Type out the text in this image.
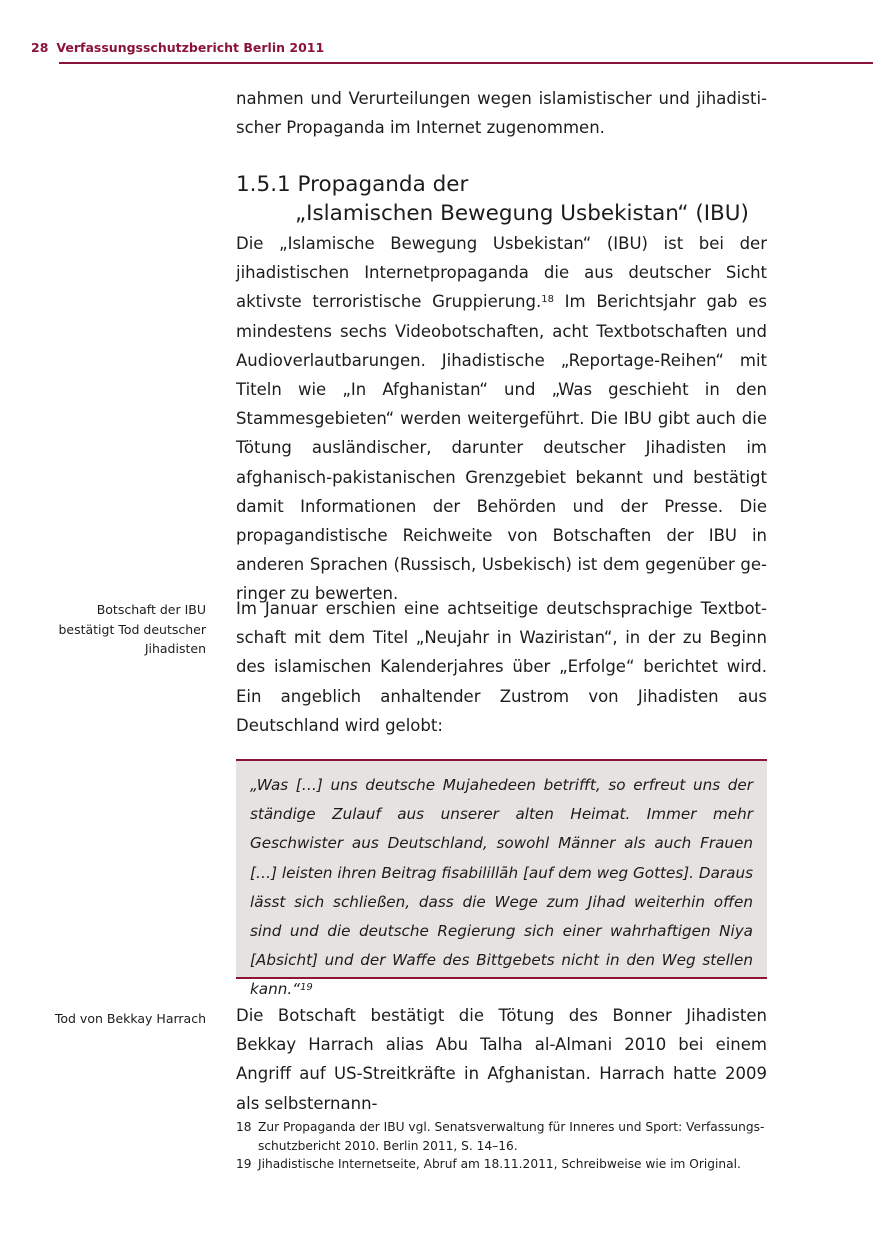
28 Verfassungsschutzbericht Berlin 2011

nahmen und Verurteilungen wegen islamistischer und jihadistischer Propaganda im Internet zugenommen.

1.5.1 Propaganda der
„Islamischen Bewegung Usbekistan“ (IBU)

Die „Islamische Bewegung Usbekistan“ (IBU) ist bei der jihadistischen Internetpropaganda die aus deutscher Sicht aktivste terroristische Gruppierung.$^{18}$ Im Berichtsjahr gab es mindestens sechs Videobotschaften, acht Textbotschaften und Audioverlautbarungen. Jihadistische „Reportage-Reihen“ mit Titeln wie „In Afghanistan“ und „Was geschieht in den Stammesgebieten“ werden weitergeführt. Die IBU gibt auch die Tötung ausländischer, darunter deutscher Jihadisten im afghanisch-pakistanischen Grenzgebiet bekannt und bestätigt damit Informationen der Behörden und der Presse. Die propagandistische Reichweite von Botschaften der IBU in anderen Sprachen (Russisch, Usbekisch) ist dem gegenüber geringer zu bewerten.

Botschaft der IBU
bestätigt Tod deutscher
Jihadisten

Im Januar erschien eine achtseitige deutschsprachige Textbotschaft mit dem Titel „Neujahr in Waziristan“, in der zu Beginn des islamischen Kalenderjahres über „Erfolge“ berichtet wird. Ein angeblich anhaltender Zustrom von Jihadisten aus Deutschland wird gelobt:

„Was […] uns deutsche Mujahedeen betrifft, so erfreut uns der ständige Zulauf aus unserer alten Heimat. Immer mehr Geschwister aus Deutschland, sowohl Männer als auch Frauen […] leisten ihren Beitrag fisabilillāh [auf dem weg Gottes]. Daraus lässt sich schließen, dass die Wege zum Jihad weiterhin offen sind und die deutsche Regierung sich einer wahrhaftigen Niya [Absicht] und der Waffe des Bittgebets nicht in den Weg stellen kann.“$^{19}$

Tod von Bekkay Harrach Die Botschaft bestätigt die Tötung des Bonner Jihadisten Bekkay Harrach alias Abu Talha al-Almani 2010 bei einem Angriff auf US-Streitkräfte in Afghanistan. Harrach hatte 2009 als selbsternann-

18 Zur Propaganda der IBU vgl. Senatsverwaltung für Inneres und Sport: Verfassungsschutzbericht 2010. Berlin 2011, S. 14–16.
19 Jihadistische Internetseite, Abruf am 18.11.2011, Schreibweise wie im Original.
